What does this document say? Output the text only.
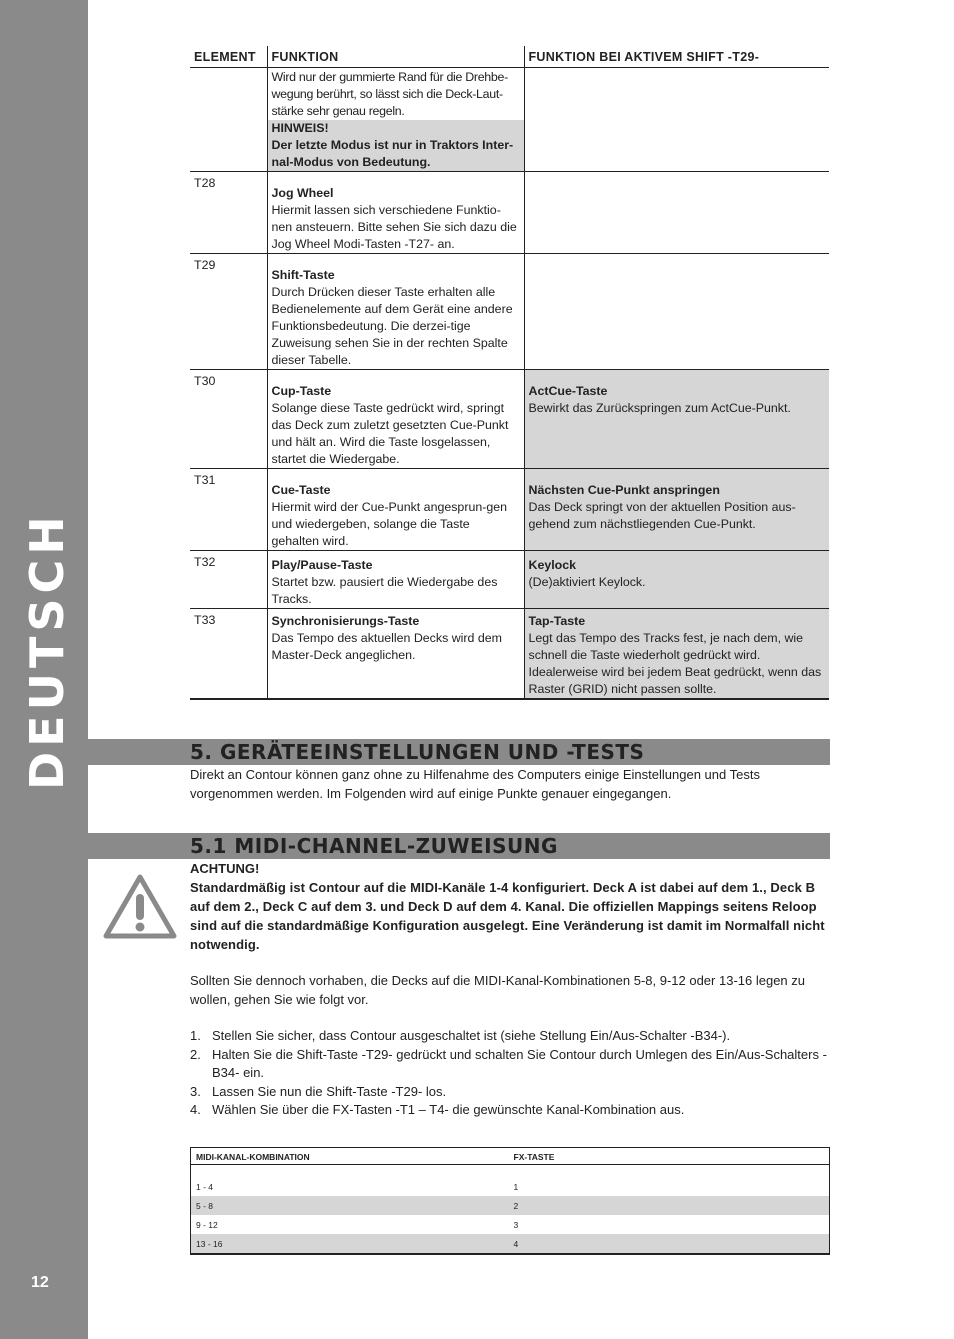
DEUTSCH
12
ELEMENT	FUNKTION	FUNKTION BEI AKTIVEM SHIFT -T29-

	Wird nur der gummierte Rand für die Drehbe-wegung berührt, so lässt sich die Deck-Laut-stärke sehr genau regeln.
HINWEIS!
Der letzte Modus ist nur in Traktors Inter-nal-Modus von Bedeutung.	

T28	Jog Wheel
Hiermit lassen sich verschiedene Funktio-nen ansteuern. Bitte sehen Sie sich dazu die Jog Wheel Modi-Tasten -T27- an.	

T29	Shift-Taste
Durch Drücken dieser Taste erhalten alle Bedienelemente auf dem Gerät eine andere Funktionsbedeutung. Die derzei-tige Zuweisung sehen Sie in der rechten Spalte dieser Tabelle.	

T30	Cup-Taste
Solange diese Taste gedrückt wird, springt das Deck zum zuletzt gesetzten Cue-Punkt und hält an. Wird die Taste losgelassen, startet die Wiedergabe.	ActCue-Taste
Bewirkt das Zurückspringen zum ActCue-Punkt.

T31	Cue-Taste
Hiermit wird der Cue-Punkt angesprun-gen und wiedergeben, solange die Taste gehalten wird.	Nächsten Cue-Punkt anspringen
Das Deck springt von der aktuellen Position aus-gehend zum nächstliegenden Cue-Punkt.

T32	Play/Pause-Taste
Startet bzw. pausiert die Wiedergabe des Tracks.	Keylock
(De)aktiviert Keylock.

T33	Synchronisierungs-Taste
Das Tempo des aktuellen Decks wird dem Master-Deck angeglichen.	Tap-Taste
Legt das Tempo des Tracks fest, je nach dem, wie schnell die Taste wiederholt gedrückt wird. Idealerweise wird bei jedem Beat gedrückt, wenn das Raster (GRID) nicht passen sollte.
5. GERÄTEEINSTELLUNGEN UND -TESTS
Direkt an Contour können ganz ohne zu Hilfenahme des Computers einige Einstellungen und Tests vorgenommen werden. Im Folgenden wird auf einige Punkte genauer eingegangen.
5.1 MIDI-CHANNEL-ZUWEISUNG
ACHTUNG!
Standardmäßig ist Contour auf die MIDI-Kanäle 1-4 konfiguriert. Deck A ist dabei auf dem 1., Deck B auf dem 2., Deck C auf dem 3. und Deck D auf dem 4. Kanal. Die offiziellen Mappings seitens Reloop sind auf die standardmäßige Konfiguration ausgelegt. Eine Veränderung ist damit im Normalfall nicht notwendig.
Sollten Sie dennoch vorhaben, die Decks auf die MIDI-Kanal-Kombinationen 5-8, 9-12 oder 13-16 legen zu wollen, gehen Sie wie folgt vor.
1. Stellen Sie sicher, dass Contour ausgeschaltet ist (siehe Stellung Ein/Aus-Schalter -B34-).
2. Halten Sie die Shift-Taste -T29- gedrückt und schalten Sie Contour durch Umlegen des Ein/Aus-Schalters -B34- ein.
3. Lassen Sie nun die Shift-Taste -T29- los.
4. Wählen Sie über die FX-Tasten -T1 – T4- die gewünschte Kanal-Kombination aus.
MIDI-KANAL-KOMBINATION	FX-TASTE

1 - 4	1
5 - 8	2
9 - 12	3
13 - 16	4
